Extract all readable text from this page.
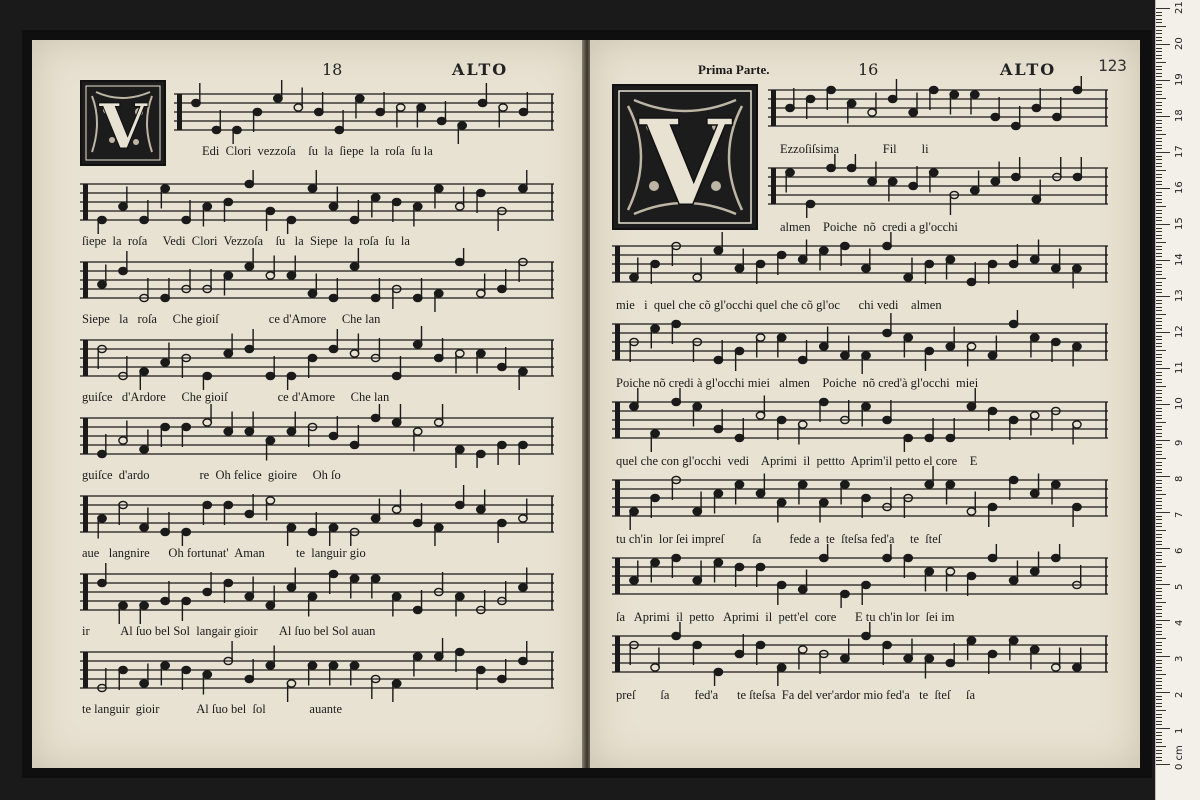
18	ALTO
V	Edi  Clori  vezzoſa    ſu  la  ſiepe  la  roſa  ſu la
ſiepe  la  roſa     Vedi  Clori  Vezzoſa    ſu   la  Siepe  la  roſa  ſu  la
Siepe   la   roſa     Che gioiſ                ce d'Amore     Che lan
guiſce   d'Ardore     Che gioiſ                ce d'Amore     Che lan
guiſce  d'ardo                re  Oh felice  gioire     Oh ſo
aue   langnire      Oh fortunat'  Aman          te  languir gio
ir          Al ſuo bel Sol  langair gioir       Al ſuo bel Sol auan
te languir  gioir            Al ſuo bel  ſol              auante
Prima Parte.	16	ALTO	123
V	Ezzoſiſsima              Fil        li
almen    Poiche  nõ  credi a gl'occhi
mie   i  quel che cõ gl'occhi quel che cõ gl'oc      chi vedi    almen
Poiche nõ credi à gl'occhi miei   almen    Poiche  nõ cred'à gl'occhi  miei
quel che con gl'occhi  vedi    Aprimi  il  pettto  Aprim'il petto el core    E
tu ch'in  lor ſei impreſ         ſa         fede a  te  ſteſsa fed'a     te  ſteſ
ſa   Aprimi  il  petto   Aprimi  il  pett'el  core      E tu ch'in lor  ſei im
preſ        ſa        fed'a      te ſteſsa  Fa del ver'ardor mio fed'a   te  ſteſ     ſa
21
20
19
18
17
16
15
14
13
12
11
10
9
8
7
6
5
4
3
2
1
0 cm
